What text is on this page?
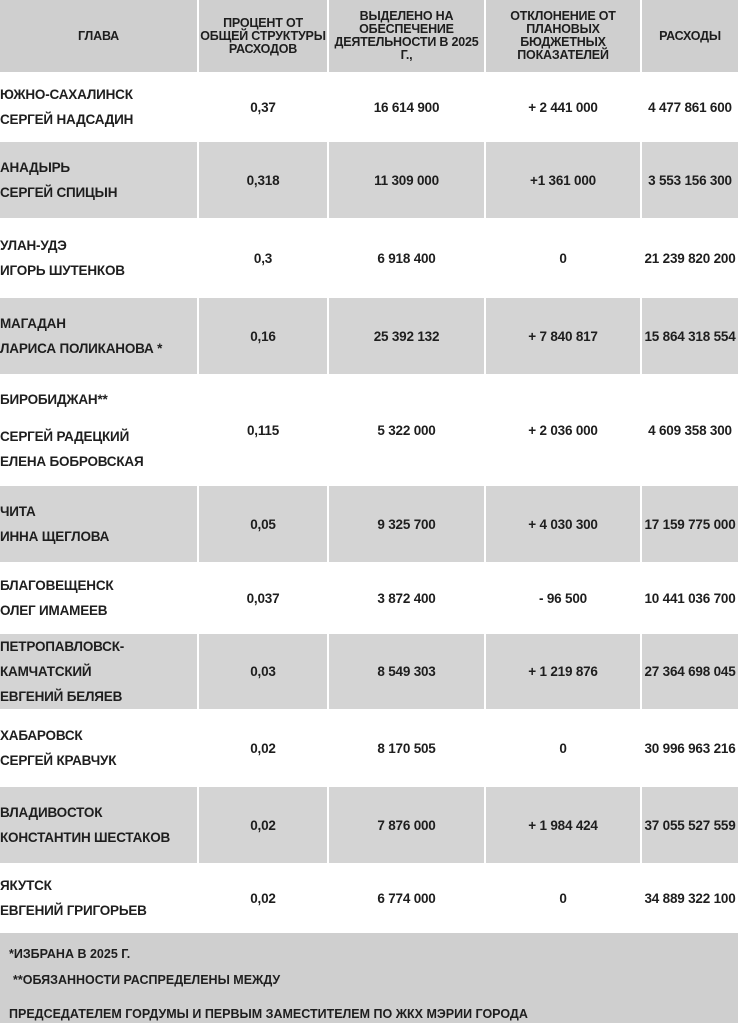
ГЛАВА	ПРОЦЕНТ ОТ ОБЩЕЙ СТРУКТУРЫ РАСХОДОВ	ВЫДЕЛЕНО НА ОБЕСПЕЧЕНИЕ ДЕЯТЕЛЬНОСТИ В 2025 Г.,	ОТКЛОНЕНИЕ ОТ ПЛАНОВЫХ БЮДЖЕТНЫХ ПОКАЗАТЕЛЕЙ	РАСХОДЫ

ЮЖНО-САХАЛИНСК
СЕРГЕЙ НАДСАДИН	0,37	16 614 900	+ 2 441 000	4 477 861 600

АНАДЫРЬ
СЕРГЕЙ СПИЦЫН	0,318	11 309 000	+1 361 000	3 553 156 300

УЛАН-УДЭ
ИГОРЬ ШУТЕНКОВ	0,3	6 918 400	0	21 239 820 200

МАГАДАН
ЛАРИСА ПОЛИКАНОВА *	0,16	25 392 132	+ 7 840 817	15 864 318 554

БИРОБИДЖАН**
СЕРГЕЙ РАДЕЦКИЙ
ЕЛЕНА БОБРОВСКАЯ	0,115	5 322 000	+ 2 036 000	4 609 358 300

ЧИТА
ИННА ЩЕГЛОВА	0,05	9 325 700	+ 4 030 300	17 159 775 000

БЛАГОВЕЩЕНСК
ОЛЕГ ИМАМЕЕВ	0,037	3 872 400	- 96 500	10 441 036 700

ПЕТРОПАВЛОВСК-КАМЧАТСКИЙ
ЕВГЕНИЙ БЕЛЯЕВ	0,03	8 549 303	+ 1 219 876	27 364 698 045

ХАБАРОВСК
СЕРГЕЙ КРАВЧУК	0,02	8 170 505	0	30 996 963 216

ВЛАДИВОСТОК
КОНСТАНТИН ШЕСТАКОВ	0,02	7 876 000	+ 1 984 424	37 055 527 559

ЯКУТСК
ЕВГЕНИЙ ГРИГОРЬЕВ	0,02	6 774 000	0	34 889 322 100
*ИЗБРАНА В 2025 Г.
**ОБЯЗАННОСТИ РАСПРЕДЕЛЕНЫ МЕЖДУ
ПРЕДСЕДАТЕЛЕМ ГОРДУМЫ И ПЕРВЫМ ЗАМЕСТИТЕЛЕМ ПО ЖКХ МЭРИИ ГОРОДА
